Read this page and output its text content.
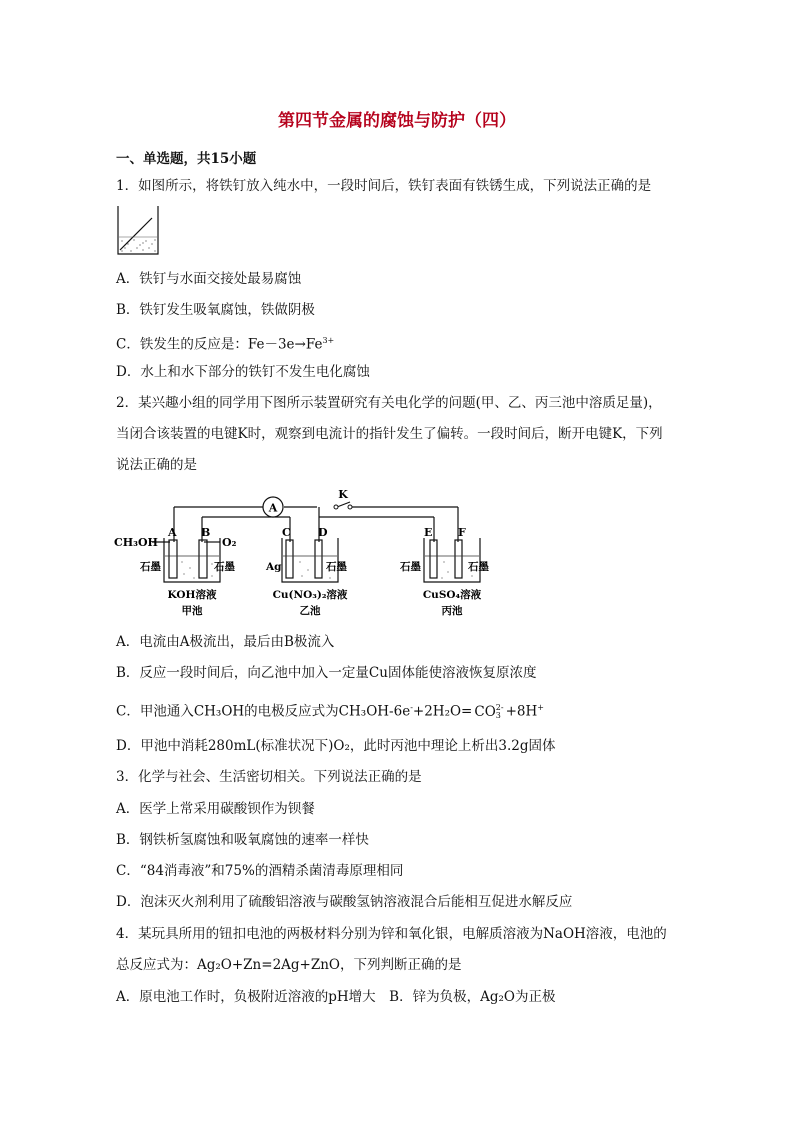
第四节金属的腐蚀与防护（四）
一、单选题，共15小题
1．如图所示，将铁钉放入纯水中，一段时间后，铁钉表面有铁锈生成，下列说法正确的是
A．铁钉与水面交接处最易腐蚀
B．铁钉发生吸氧腐蚀，铁做阴极
C．铁发生的反应是：$Fe-3e\to Fe^{3+}$
D．水上和水下部分的铁钉不发生电化腐蚀
2．某兴趣小组的同学用下图所示装置研究有关电化学的问题(甲、乙、丙三池中溶质足量)，
当闭合该装置的电键K时，观察到电流计的指针发生了偏转。一段时间后，断开电键K，下列
说法正确的是
A
K
A B	C D	E F
CH₃OH	O₂
石墨	石墨	Ag	石墨	石墨	石墨
KOH溶液
甲池
Cu(NO₃)₂溶液
乙池
CuSO₄溶液
丙池
A．电流由A极流出，最后由B极流入
B．反应一段时间后，向乙池中加入一定量Cu固体能使溶液恢复原浓度
C．甲池通入CH₃OH的电极反应式为CH₃OH-6e-+2H₂O= CO 2-
3 +8H+
D．甲池中消耗280mL(标准状况下)O₂，此时丙池中理论上析出3.2g固体
3．化学与社会、生活密切相关。下列说法正确的是
A．医学上常采用碳酸钡作为钡餐
B．钢铁析氢腐蚀和吸氧腐蚀的速率一样快
C．“84消毒液”和75%的酒精杀菌清毒原理相同
D．泡沫灭火剂利用了硫酸铝溶液与碳酸氢钠溶液混合后能相互促进水解反应
4．某玩具所用的钮扣电池的两极材料分别为锌和氧化银，电解质溶液为NaOH溶液，电池的
总反应式为：Ag₂O+Zn=2Ag+ZnO，下列判断正确的是
A．原电池工作时，负极附近溶液的pH增大　B．锌为负极，Ag₂O为正极
